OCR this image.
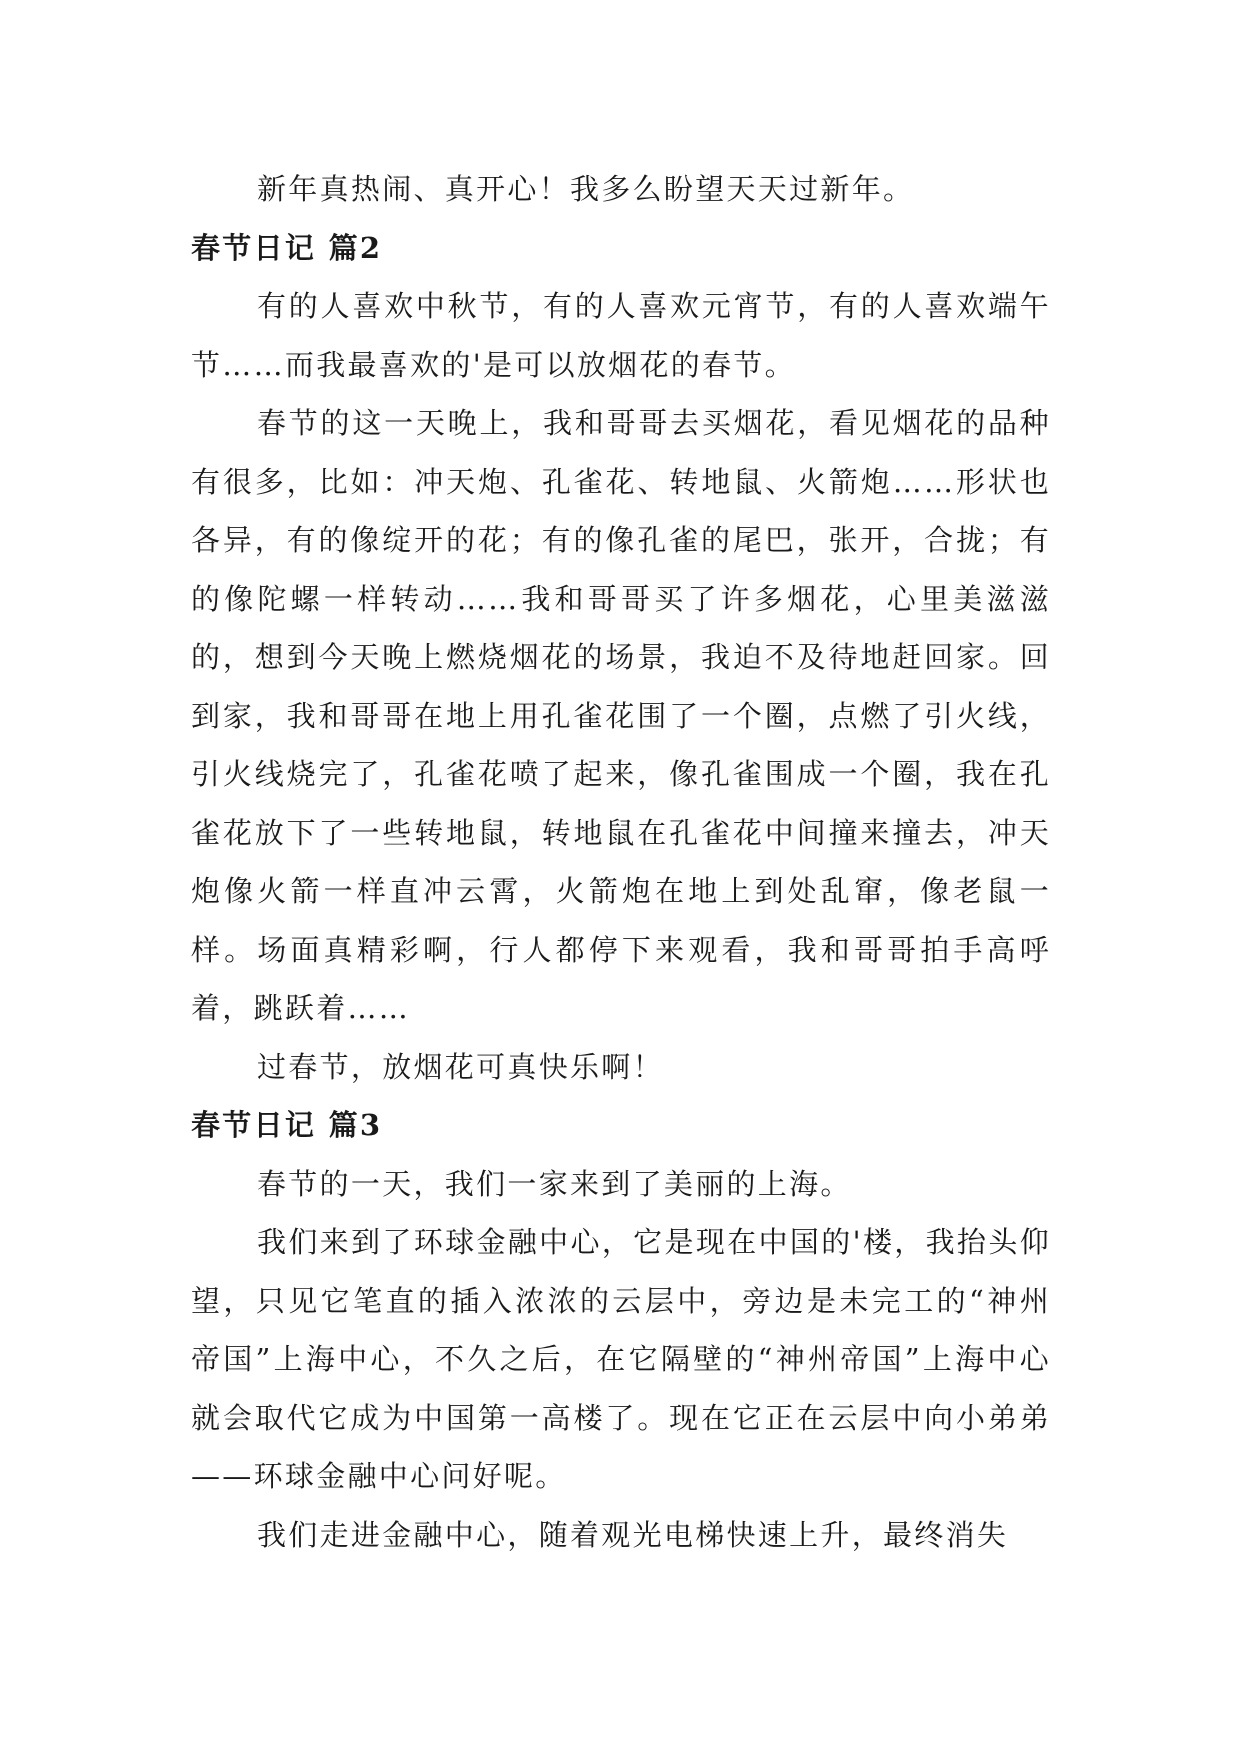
新年真热闹、真开心！我多么盼望天天过新年。

春节日记 篇2

有的人喜欢中秋节，有的人喜欢元宵节，有的人喜欢端午节……而我最喜欢的'是可以放烟花的春节。

春节的这一天晚上，我和哥哥去买烟花，看见烟花的品种有很多，比如：冲天炮、孔雀花、转地鼠、火箭炮……形状也各异，有的像绽开的花；有的像孔雀的尾巴，张开，合拢；有的像陀螺一样转动……我和哥哥买了许多烟花，心里美滋滋的，想到今天晚上燃烧烟花的场景，我迫不及待地赶回家。回到家，我和哥哥在地上用孔雀花围了一个圈，点燃了引火线，引火线烧完了，孔雀花喷了起来，像孔雀围成一个圈，我在孔雀花放下了一些转地鼠，转地鼠在孔雀花中间撞来撞去，冲天炮像火箭一样直冲云霄，火箭炮在地上到处乱窜，像老鼠一样。场面真精彩啊，行人都停下来观看，我和哥哥拍手高呼着，跳跃着……

过春节，放烟花可真快乐啊！

春节日记 篇3

春节的一天，我们一家来到了美丽的上海。

我们来到了环球金融中心，它是现在中国的'楼，我抬头仰望，只见它笔直的插入浓浓的云层中，旁边是未完工的“神州帝国”上海中心，不久之后，在它隔壁的“神州帝国”上海中心就会取代它成为中国第一高楼了。现在它正在云层中向小弟弟——环球金融中心问好呢。

我们走进金融中心，随着观光电梯快速上升，最终消失
